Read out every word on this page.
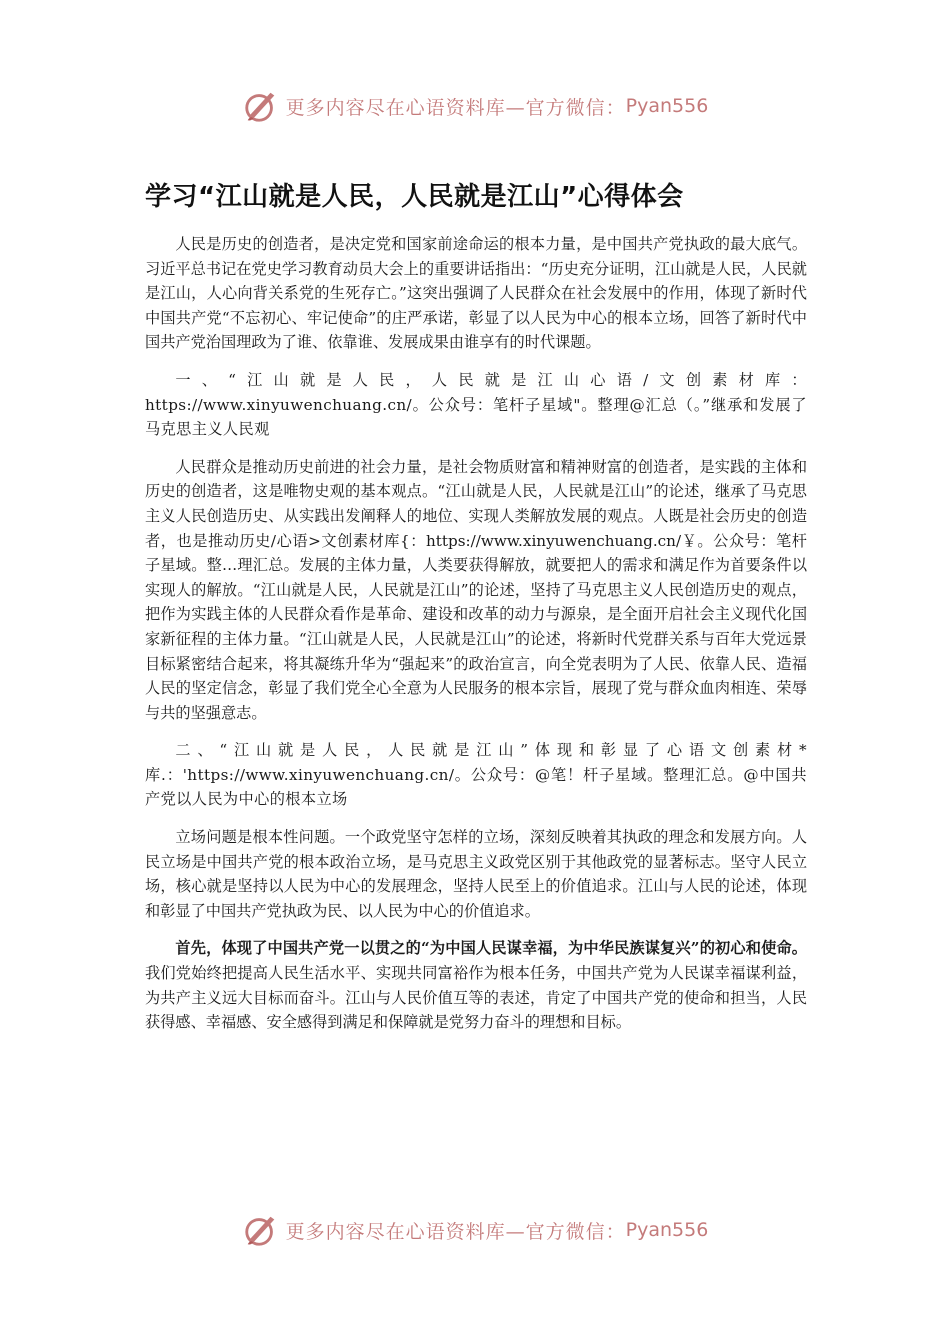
更多内容尽在心语资料库—官方微信： Pyan556
学习“江山就是人民，人民就是江山”心得体会

人民是历史的创造者，是决定党和国家前途命运的根本力量，是中国共产党执政的最大底气。习近平总书记在党史学习教育动员大会上的重要讲话指出：“历史充分证明，江山就是人民，人民就是江山，人心向背关系党的生死存亡。”这突出强调了人民群众在社会发展中的作用，体现了新时代中国共产党“不忘初心、牢记使命”的庄严承诺，彰显了以人民为中心的根本立场，回答了新时代中国共产党治国理政为了谁、依靠谁、发展成果由谁享有的时代课题。

一、“江山就是人民，人民就是江山心语/文创素材库：https://www.xinyuwenchuang.cn/。公众号：笔杆子星域"。整理@汇总（。”继承和发展了马克思主义人民观

人民群众是推动历史前进的社会力量，是社会物质财富和精神财富的创造者，是实践的主体和历史的创造者，这是唯物史观的基本观点。“江山就是人民，人民就是江山”的论述，继承了马克思主义人民创造历史、从实践出发阐释人的地位、实现人类解放发展的观点。人既是社会历史的创造者，也是推动历史/心语>文创素材库{：https://www.xinyuwenchuang.cn/￥。公众号：笔杆子星域。整…理汇总。发展的主体力量，人类要获得解放，就要把人的需求和满足作为首要条件以实现人的解放。“江山就是人民，人民就是江山”的论述，坚持了马克思主义人民创造历史的观点，把作为实践主体的人民群众看作是革命、建设和改革的动力与源泉，是全面开启社会主义现代化国家新征程的主体力量。“江山就是人民，人民就是江山”的论述，将新时代党群关系与百年大党远景目标紧密结合起来，将其凝练升华为“强起来”的政治宣言，向全党表明为了人民、依靠人民、造福人民的坚定信念，彰显了我们党全心全意为人民服务的根本宗旨，展现了党与群众血肉相连、荣辱与共的坚强意志。

二、“江山就是人民，人民就是江山”体现和彰显了心语文创素材*库.：'https://www.xinyuwenchuang.cn/。公众号：@笔！杆子星域。整理汇总。@中国共产党以人民为中心的根本立场

立场问题是根本性问题。一个政党坚守怎样的立场，深刻反映着其执政的理念和发展方向。人民立场是中国共产党的根本政治立场，是马克思主义政党区别于其他政党的显著标志。坚守人民立场，核心就是坚持以人民为中心的发展理念，坚持人民至上的价值追求。江山与人民的论述，体现和彰显了中国共产党执政为民、以人民为中心的价值追求。

首先，体现了中国共产党一以贯之的“为中国人民谋幸福，为中华民族谋复兴”的初心和使命。我们党始终把提高人民生活水平、实现共同富裕作为根本任务，中国共产党为人民谋幸福谋利益，为共产主义远大目标而奋斗。江山与人民价值互等的表述，肯定了中国共产党的使命和担当，人民获得感、幸福感、安全感得到满足和保障就是党努力奋斗的理想和目标。

更多内容尽在心语资料库—官方微信： Pyan556
